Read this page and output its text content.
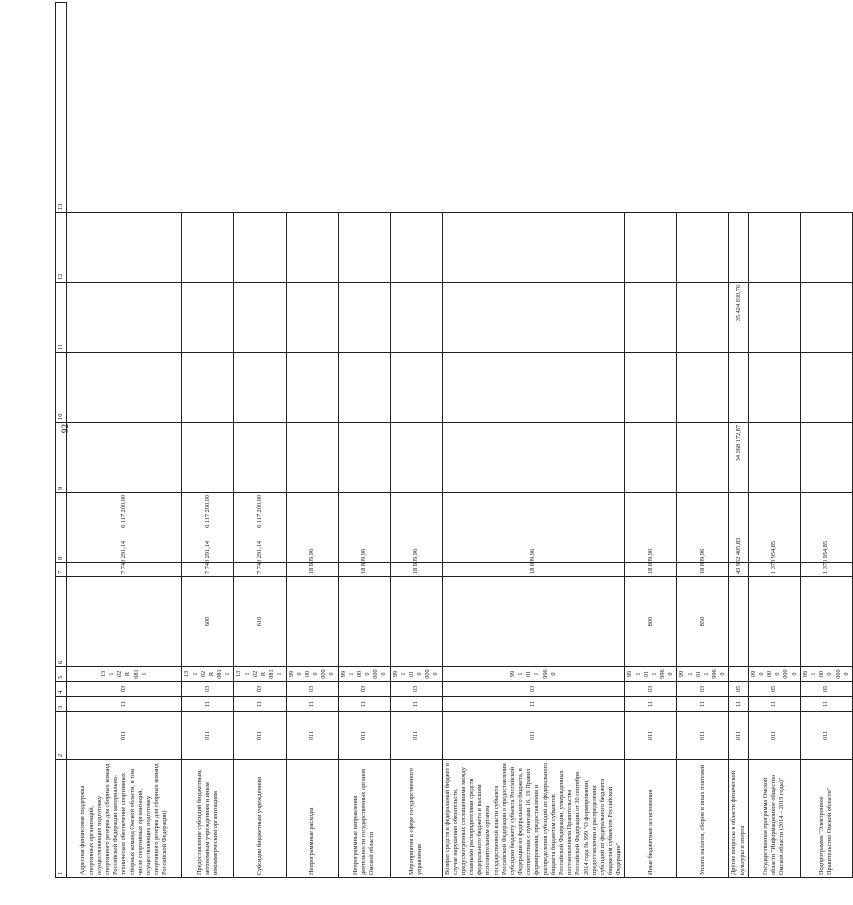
92
1	2	3	4	5	6	7	8	9	10	11	12	13
Адресная финансовая поддержка спортивных организаций, осуществляющих подготовку спортивного резерва для сборных команд Российской Федерации материально-техническое обеспечение спортивных сборных команд Омской области, в том числе спортивных организаций, осуществляющих подготовку спортивного резерва для сборных команд Российской Федерации)	011	11	03	13 1 02 R 081 1		7 743 291,14	6 117 200,00					
Предоставление субсидий бюджетным, автономным учреждениям и иным некоммерческим организациям	011	11	03	13 1 02 R 081 1	600	7 743 291,14	6 117 200,00					
Субсидии бюджетным учреждениям	011	11	03	13 1 02 R 081 1	610	7 743 291,14	6 117 200,00					
Непрограммные расходы	011	11	03	99 0 00 0 000 0		18 809,96						
Непрограммные направления деятельности государственных органов Омской области	011	11	03	99 1 00 0 000 0		18 809,96						
Мероприятия в сфере государственного управления	011	11	03	99 1 01 0 000 0		18 809,96						
Возврат средств в федеральный бюджет в случае нарушения обязательств, предусмотренных соглашениями между главными распорядителями средств федерального бюджета и высшим исполнительным органом государственной власти субъекта Российской Федерации о предоставлении субсидии бюджету субъекта Российской Федерации из федерального бюджета, в соответствии с пунктами 16, 19 Правил формирования, предоставления и распределения субсидий из федерального бюджета бюджетам субъектов Российской Федерации, утвержденных постановлением Правительства Российской Федерации от 30 сентября 2014 года № 999 "О формировании, предоставлении и распределении субсидий из федерального бюджета бюджетам субъектов Российской Федерации"	011	11	03	99 1 01 1 996 0		18 809,96						
Иные бюджетные ассигнования	011	11	03	99 1 01 1 996 0	800	18 809,96						
Уплата налогов, сборов и иных платежей	011	11	03	99 1 01 1 996 0	850	18 809,96						
Другие вопросы в области физической культуры и спорта	011	11	05			43 952 405,83		34 368 172,87		35 424 030,76		
Государственная программа Омской области "Информационное общество Омской области (2014 – 2019 годы)"	011	11	05	09 0 00 0 000 0		1 370 954,85						
Подпрограмма "Электронное Правительство Омской области"	011	11	05	09 1 00 0 000 0		1 370 954,85						
